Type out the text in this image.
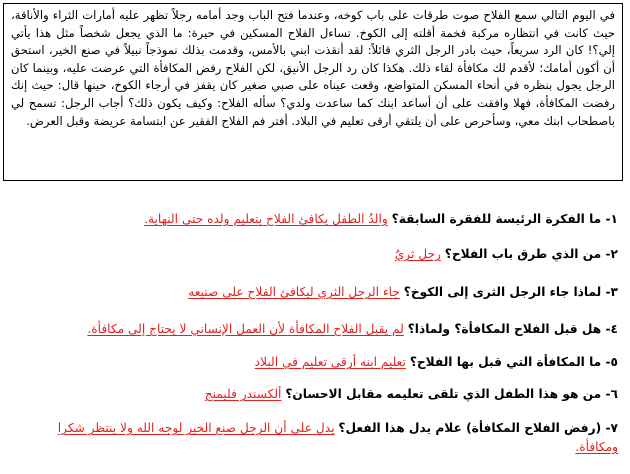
في اليوم التالي سمع الفلاح صوت طرقات على باب كوخه، وعندما فتح الباب وجد أمامه رجلاً تظهر عليه أمارات الثراء والأناقة، حيث كانت في انتظاره مركبة فخمة أقلته إلى الكوخ. تساءل الفلاح المسكين في حيرة: ما الذي يجعل شخصاً مثل هذا يأتي إلي؟! كان الرد سريعاً، حيث بادر الرجل الثري قائلاً: لقد أنقذت ابني بالأمس، وقدمت بذلك نموذجاً نبيلاً في صنع الخير، استحق أن أكون أمامك؛ لأقدم لك مكافأة لقاء ذلك. هكذا كان رد الرجل الأنيق، لكن الفلاح رفض المكافأة التي عرضت عليه، وبينما كان الرجل يجول بنظره في أنحاء المسكن المتواضع، وقعت عيناه على صبي صغير كان يقفز في أرجاء الكوخ، حينها قال: حيث إنك رفضت المكافأة، فهلا وافقت على أن أساعد ابنك كما ساعدت ولدي؟ سأله الفلاح: وكيف يكون ذلك؟ أجاب الرجل: تسمح لي باصطحاب ابنك معي، وسأحرص على أن يلتقي أرقى تعليم في البلاد. أفتر فم الفلاح الفقير عن ابتسامة عريضة وقبل العرض.
١- ما الفكرة الرئيسة للفقرة السابقة؟ والدُ الطفل يكافئ الفلاح بتعليم ولده حتى النهاية.
٢- من الذي طرق باب الفلاح؟ رجل ثريٌ
٣- لماذا جاء الرجل الثرى إلى الكوخ؟ جاء الرجل الثري ليكافئ الفلاح على صنيعه
٤- هل قبل الفلاح المكافأة؟ ولماذا؟ لم يقبل الفلاح المكافأة لأن العمل الإنساني لا يحتاج إلى مكافأة.
٥- ما المكافأة التي قبل بها الفلاح؟ تعليم ابنه أرقى تعليم في البلاد
٦- من هو هذا الطفل الذي تلقى تعليمه مقابل الاحسان؟ ألكسندر فليمنج
٧- (رفض الفلاح المكافأة) علام يدل هذا الفعل؟ يدل على أن الرجل صنع الخير لوجه الله ولا ينتظر شكرا ومكافأة.
